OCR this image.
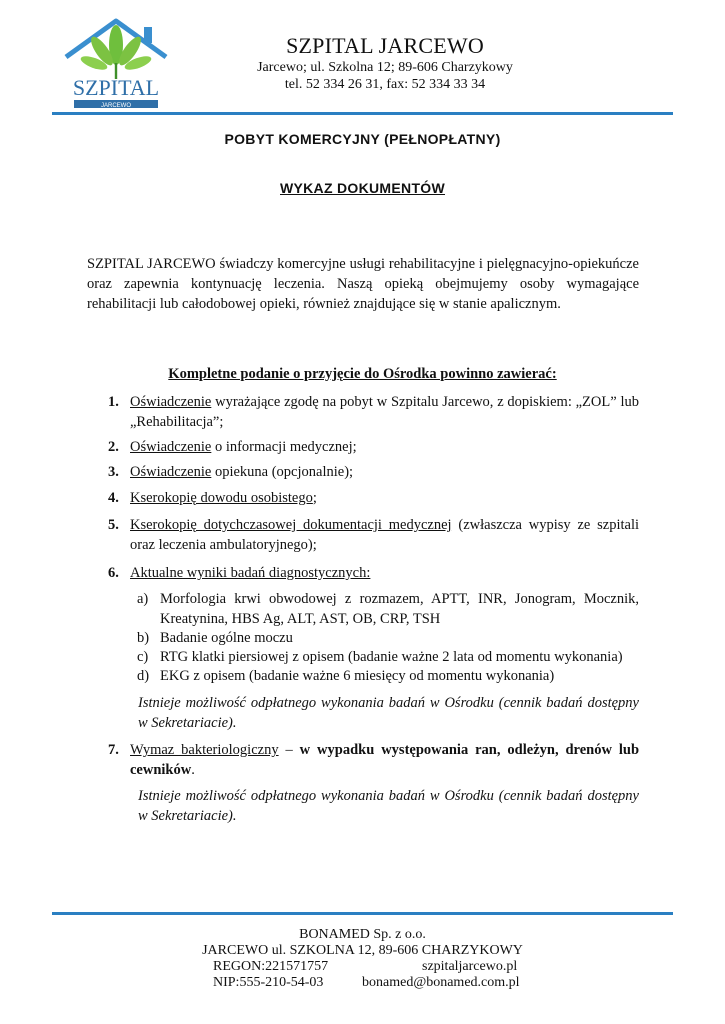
SZPITAL
JARCEWO
SZPITAL JARCEWO
Jarcewo; ul. Szkolna 12; 89-606 Charzykowy
tel. 52 334 26 31, fax: 52 334 33 34
POBYT KOMERCYJNY (PEŁNOPŁATNY)
WYKAZ DOKUMENTÓW

SZPITAL JARCEWO świadczy komercyjne usługi rehabilitacyjne i pielęgnacyjno-opiekuńcze oraz zapewnia kontynuację leczenia. Naszą opieką obejmujemy osoby wymagające rehabilitacji lub całodobowej opieki, również znajdujące się w stanie apalicznym.

Kompletne podanie o przyjęcie do Ośrodka powinno zawierać:
1. Oświadczenie wyrażające zgodę na pobyt w Szpitalu Jarcewo, z dopiskiem: „ZOL” lub „Rehabilitacja”;
2. Oświadczenie o informacji medycznej;
3. Oświadczenie opiekuna (opcjonalnie);
4. Kserokopię dowodu osobistego;
5. Kserokopię dotychczasowej dokumentacji medycznej (zwłaszcza wypisy ze szpitali oraz leczenia ambulatoryjnego);
6. Aktualne wyniki badań diagnostycznych:
a) Morfologia krwi obwodowej z rozmazem, APTT, INR, Jonogram, Mocznik, Kreatynina, HBS Ag, ALT, AST, OB, CRP, TSH
b) Badanie ogólne moczu
c) RTG klatki piersiowej z opisem (badanie ważne 2 lata od momentu wykonania)
d) EKG z opisem (badanie ważne 6 miesięcy od momentu wykonania)

Istnieje możliwość odpłatnego wykonania badań w Ośrodku (cennik badań dostępny w Sekretariacie).

7. Wymaz bakteriologiczny – w wypadku występowania ran, odleżyn, drenów lub cewników.

Istnieje możliwość odpłatnego wykonania badań w Ośrodku (cennik badań dostępny w Sekretariacie).

BONAMED Sp. z o.o.
JARCEWO ul. SZKOLNA 12, 89-606 CHARZYKOWY
REGON:221571757	szpitaljarcewo.pl
NIP:555-210-54-03	bonamed@bonamed.com.pl
